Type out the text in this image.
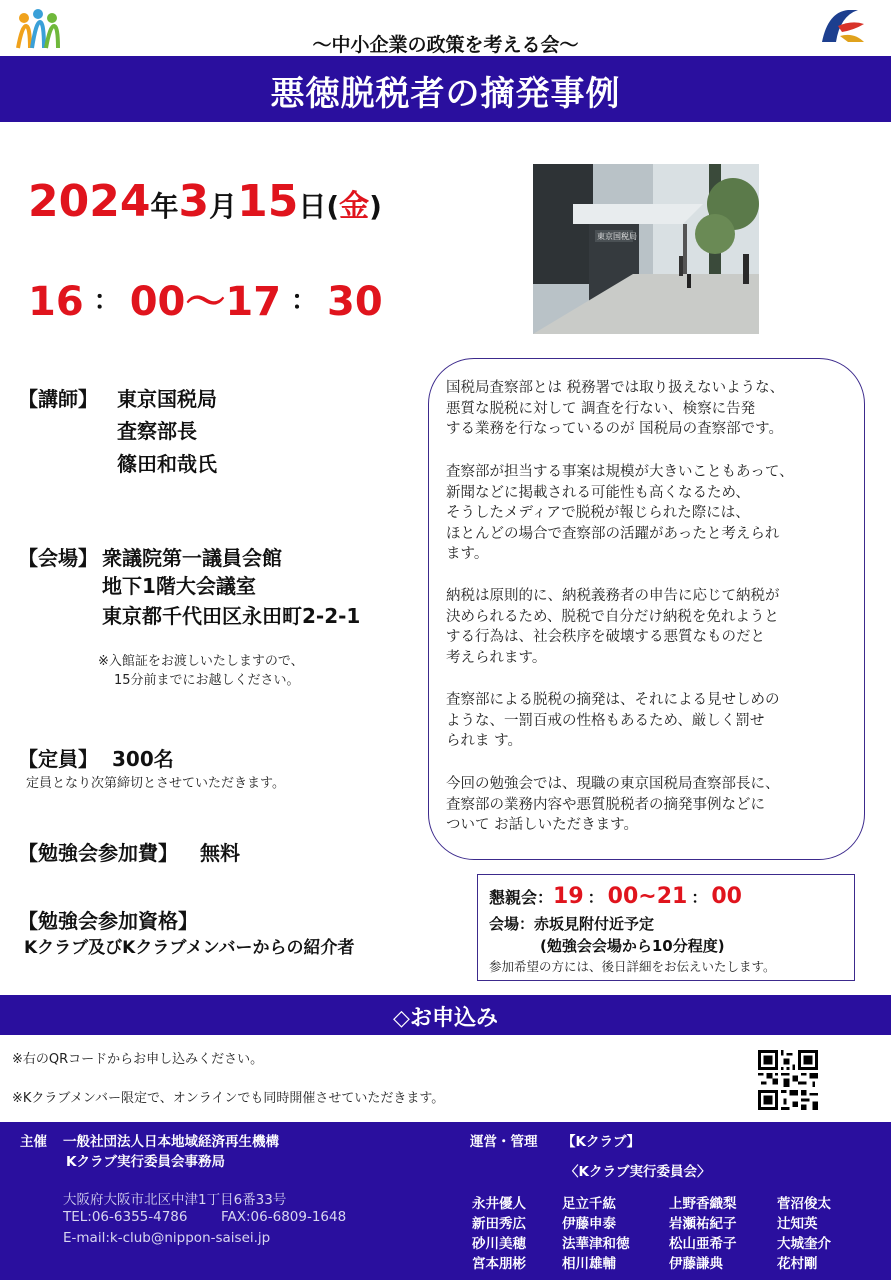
〜中小企業の政策を考える会〜
悪徳脱税者の摘発事例
2024年3月15日(金)
16 ： 00〜17 ： 30
東京国税局
【講師】 東京国税局
査察部長
篠田和哉氏
【会場】 衆議院第一議員会館
地下1階大会議室
東京都千代田区永田町2-2-1
※入館証をお渡しいたしますので、
15分前までにお越しください。
【定員】 300名
定員となり次第締切とさせていただきます。
【勉強会参加費】 無料
【勉強会参加資格】
Kクラブ及びKクラブメンバーからの紹介者
国税局査察部とは 税務署では取り扱えないような、
悪質な脱税に対して 調査を行ない、検察に告発
する業務を行なっているのが 国税局の査察部です。
査察部が担当する事案は規模が大きいこともあって、
新聞などに掲載される可能性も高くなるため、
そうしたメディアで脱税が報じられた際には、
ほとんどの場合で査察部の活躍があったと考えられ
ます。
納税は原則的に、納税義務者の申告に応じて納税が
決められるため、脱税で自分だけ納税を免れようと
する行為は、社会秩序を破壊する悪質なものだと
考えられます。
査察部による脱税の摘発は、それによる見せしめの
ような、一罰百戒の性格もあるため、厳しく罰せ
られま す。
今回の勉強会では、現職の東京国税局査察部長に、
査察部の業務内容や悪質脱税者の摘発事例などに
ついて お話しいただきます。
懇親会：19 ： 00~21 ： 00
会場：赤坂見附付近予定
(勉強会会場から10分程度)
参加希望の方には、後日詳細をお伝えいたします。
◇お申込み
※右のQRコードからお申し込みください。
※Kクラブメンバー限定で、オンラインでも同時開催させていただきます。
主催 一般社団法人日本地域経済再生機構
Kクラブ実行委員会事務局
大阪府大阪市北区中津1丁目6番33号
TEL:06-6355-4786 FAX:06-6809-1648
E-mail:k-club@nippon-saisei.jp
運営・管理 【Kクラブ】
〈Kクラブ実行委員会〉
永井優人	足立千紘	上野香織梨	菅沼俊太
新田秀広	伊藤申泰	岩瀬祐紀子	辻知英
砂川美穂	法華津和徳	松山亜希子	大城奎介
宮本朋彬	相川雄輔	伊藤謙典	花村剛
